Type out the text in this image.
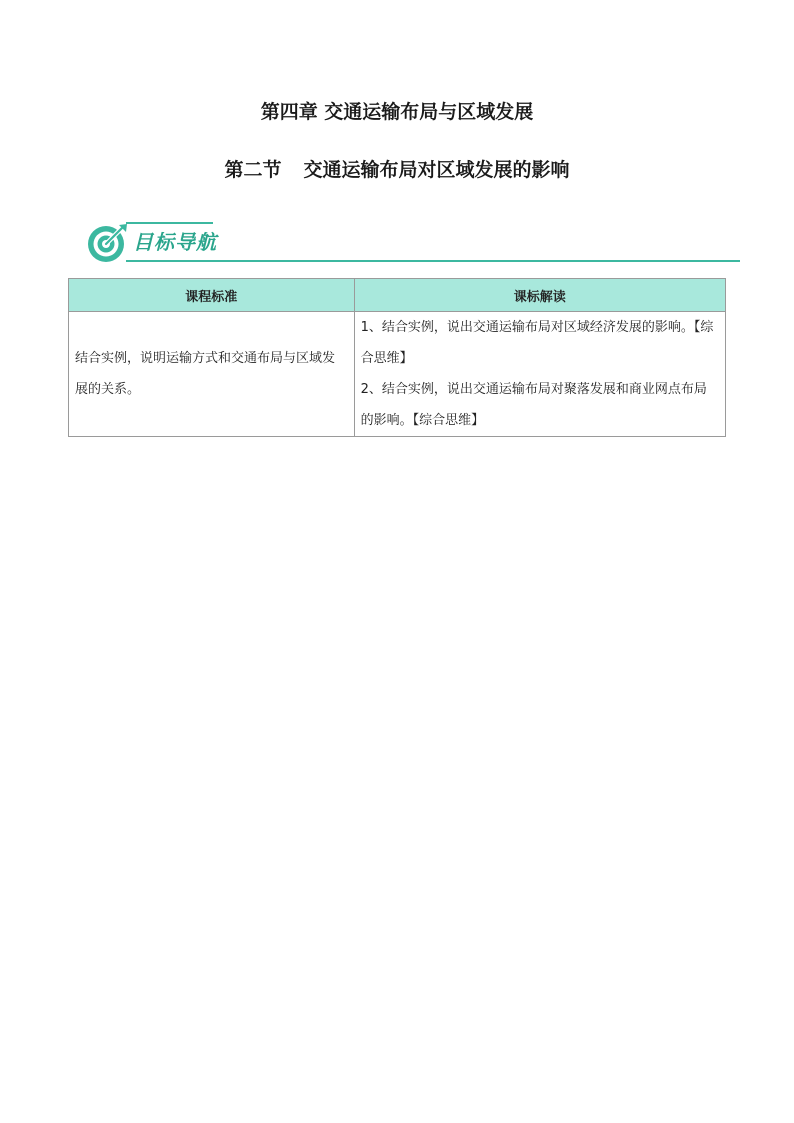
第四章 交通运输布局与区域发展
第二节 交通运输布局对区域发展的影响
目标导航
课程标准	课标解读

结合实例，说明运输方式和交通布局与区域发展的关系。	1、结合实例，说出交通运输布局对区域经济发展的影响。【综合思维】

2、结合实例，说出交通运输布局对聚落发展和商业网点布局的影响。【综合思维】
